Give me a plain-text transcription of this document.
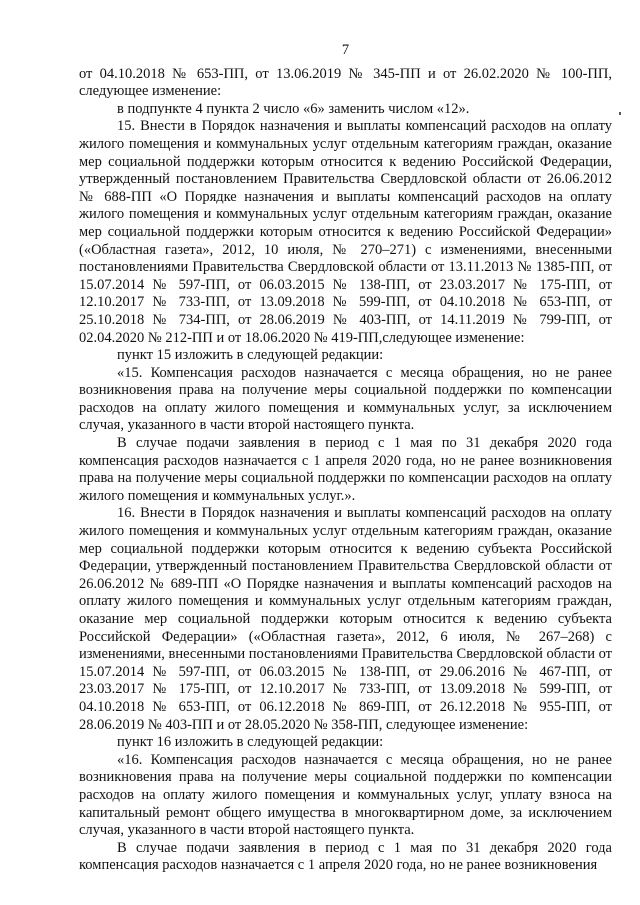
7

от 04.10.2018 № 653-ПП, от 13.06.2019 № 345-ПП и от 26.02.2020 № 100-ПП, следующее изменение:

в подпункте 4 пункта 2 число «6» заменить числом «12».

15. Внести в Порядок назначения и выплаты компенсаций расходов на оплату жилого помещения и коммунальных услуг отдельным категориям граждан, оказание мер социальной поддержки которым относится к ведению Российской Федерации, утвержденный постановлением Правительства Свердловской области от 26.06.2012 № 688-ПП «О Порядке назначения и выплаты компенсаций расходов на оплату жилого помещения и коммунальных услуг отдельным категориям граждан, оказание мер социальной поддержки которым относится к ведению Российской Федерации» («Областная газета», 2012, 10 июля, № 270–271) с изменениями, внесенными постановлениями Правительства Свердловской области от 13.11.2013 № 1385-ПП, от 15.07.2014 № 597-ПП, от 06.03.2015 № 138-ПП, от 23.03.2017 № 175-ПП, от 12.10.2017 № 733-ПП, от 13.09.2018 № 599-ПП, от 04.10.2018 № 653-ПП, от 25.10.2018 № 734-ПП, от 28.06.2019 № 403-ПП, от 14.11.2019 № 799-ПП, от 02.04.2020 № 212-ПП и от 18.06.2020 № 419-ПП,следующее изменение:

пункт 15 изложить в следующей редакции:

«15. Компенсация расходов назначается с месяца обращения, но не ранее возникновения права на получение меры социальной поддержки по компенсации расходов на оплату жилого помещения и коммунальных услуг, за исключением случая, указанного в части второй настоящего пункта.

В случае подачи заявления в период с 1 мая по 31 декабря 2020 года компенсация расходов назначается с 1 апреля 2020 года, но не ранее возникновения права на получение меры социальной поддержки по компенсации расходов на оплату жилого помещения и коммунальных услуг.».

16. Внести в Порядок назначения и выплаты компенсаций расходов на оплату жилого помещения и коммунальных услуг отдельным категориям граждан, оказание мер социальной поддержки которым относится к ведению субъекта Российской Федерации, утвержденный постановлением Правительства Свердловской области от 26.06.2012 № 689-ПП «О Порядке назначения и выплаты компенсаций расходов на оплату жилого помещения и коммунальных услуг отдельным категориям граждан, оказание мер социальной поддержки которым относится к ведению субъекта Российской Федерации» («Областная газета», 2012, 6 июля, № 267–268) с изменениями, внесенными постановлениями Правительства Свердловской области от 15.07.2014 № 597-ПП, от 06.03.2015 № 138-ПП, от 29.06.2016 № 467-ПП, от 23.03.2017 № 175-ПП, от 12.10.2017 № 733-ПП, от 13.09.2018 № 599-ПП, от 04.10.2018 № 653-ПП, от 06.12.2018 № 869-ПП, от 26.12.2018 № 955-ПП, от 28.06.2019 № 403-ПП и от 28.05.2020 № 358-ПП, следующее изменение:

пункт 16 изложить в следующей редакции:

«16. Компенсация расходов назначается с месяца обращения, но не ранее возникновения права на получение меры социальной поддержки по компенсации расходов на оплату жилого помещения и коммунальных услуг, уплату взноса на капитальный ремонт общего имущества в многоквартирном доме, за исключением случая, указанного в части второй настоящего пункта.

В случае подачи заявления в период с 1 мая по 31 декабря 2020 года компенсация расходов назначается с 1 апреля 2020 года, но не ранее возникновения
